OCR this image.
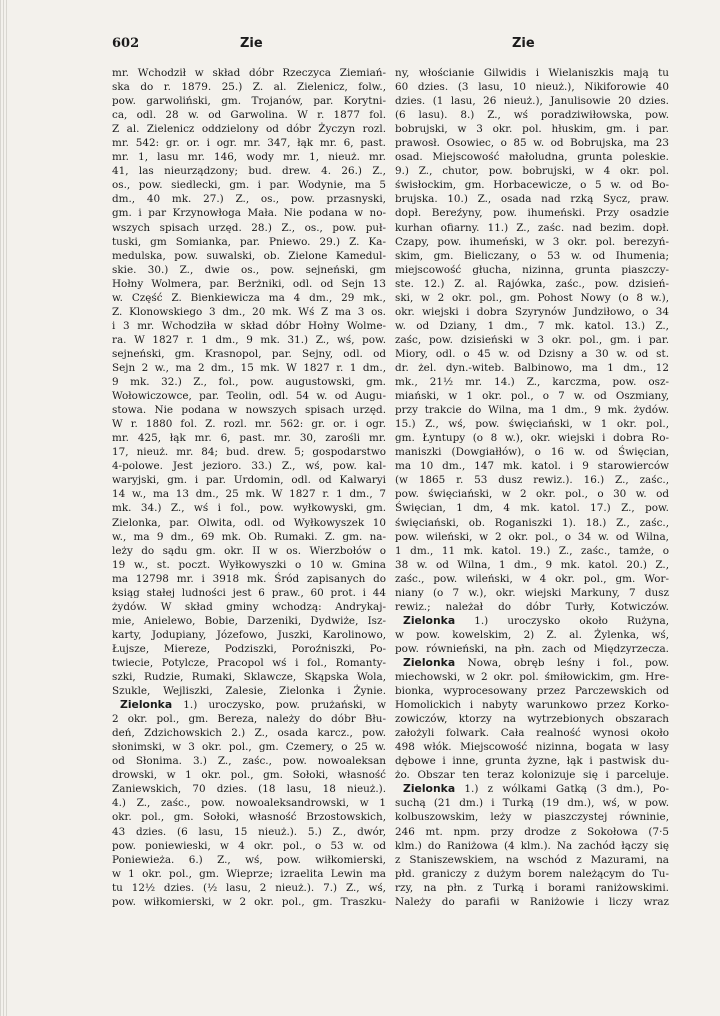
602	Zie	Zie
mr. Wchodził w skład dóbr Rzeczyca Ziemiań-
ska do r. 1879. 25.) Z. al. Zielenicz, folw.,
pow. garwoliński, gm. Trojanów, par. Korytni-
ca, odl. 28 w. od Garwolina. W r. 1877 fol.
Z al. Zielenicz oddzielony od dóbr Życzyn rozl.
mr. 542: gr. or. i ogr. mr. 347, łąk mr. 6, past.
mr. 1, lasu mr. 146, wody mr. 1, nieuż. mr.
41, las nieurządzony; bud. drew. 4. 26.) Z.,
os., pow. siedlecki, gm. i par. Wodynie, ma 5
dm., 40 mk. 27.) Z., os., pow. przasnyski,
gm. i par Krzynowłoga Mała. Nie podana w no-
wszych spisach urzęd. 28.) Z., os., pow. puł-
tuski, gm Somianka, par. Pniewo. 29.) Z. Ka-
medulska, pow. suwalski, ob. Zielone Kamedul-
skie. 30.) Z., dwie os., pow. sejneński, gm
Hołny Wolmera, par. Berżniki, odl. od Sejn 13
w. Część Z. Bienkiewicza ma 4 dm., 29 mk.,
Z. Klonowskiego 3 dm., 20 mk. Wś Z ma 3 os.
i 3 mr. Wchodziła w skład dóbr Hołny Wolme-
ra. W 1827 r. 1 dm., 9 mk. 31.) Z., wś, pow.
sejneński, gm. Krasnopol, par. Sejny, odl. od
Sejn 2 w., ma 2 dm., 15 mk. W 1827 r. 1 dm.,
9 mk. 32.) Z., fol., pow. augustowski, gm.
Wołowiczowce, par. Teolin, odl. 54 w. od Augu-
stowa. Nie podana w nowszych spisach urzęd.
W r. 1880 fol. Z. rozl. mr. 562: gr. or. i ogr.
mr. 425, łąk mr. 6, past. mr. 30, zarośli mr.
17, nieuż. mr. 84; bud. drew. 5; gospodarstwo
4-polowe. Jest jezioro. 33.) Z., wś, pow. kal-
waryjski, gm. i par. Urdomin, odl. od Kalwaryi
14 w., ma 13 dm., 25 mk. W 1827 r. 1 dm., 7
mk. 34.) Z., wś i fol., pow. wyłkowyski, gm.
Zielonka, par. Olwita, odl. od Wyłkowyszek 10
w., ma 9 dm., 69 mk. Ob. Rumaki. Z. gm. na-
leży do sądu gm. okr. II w os. Wierzbołów o
19 w., st. poczt. Wyłkowyszki o 10 w. Gmina
ma 12798 mr. i 3918 mk. Śród zapisanych do
ksiąg stałej ludności jest 6 praw., 60 prot. i 44
żydów. W skład gminy wchodzą: Andrykaj-
mie, Anielewo, Bobie, Darzeniki, Dydwiże, Isz-
karty, Jodupiany, Józefowo, Juszki, Karolinowo,
Łujsze, Miereze, Podziszki, Poroźniszki, Po-
twiecie, Potylcze, Pracopol wś i fol., Romanty-
szki, Rudzie, Rumaki, Sklawcze, Skąpska Wola,
Szukle, Wejliszki, Zalesie, Zielonka i Żynie.
Zielonka 1.) uroczysko, pow. prużański, w
2 okr. pol., gm. Bereza, należy do dóbr Błu-
deń, Zdzichowskich 2.) Z., osada karcz., pow.
słonimski, w 3 okr. pol., gm. Czemery, o 25 w.
od Słonima. 3.) Z., zaśc., pow. nowoaleksan
drowski, w 1 okr. pol., gm. Sołoki, własność
Zaniewskich, 70 dzies. (18 lasu, 18 nieuż.).
4.) Z., zaśc., pow. nowoaleksandrowski, w 1
okr. pol., gm. Sołoki, własność Brzostowskich,
43 dzies. (6 lasu, 15 nieuż.). 5.) Z., dwór,
pow. poniewieski, w 4 okr. pol., o 53 w. od
Poniewieża. 6.) Z., wś, pow. wiłkomierski,
w 1 okr. pol., gm. Wieprze; izraelita Lewin ma
tu 12½ dzies. (½ lasu, 2 nieuż.). 7.) Z., wś,
pow. wiłkomierski, w 2 okr. pol., gm. Traszku-
ny, włościanie Gilwidis i Wielaniszkis mają tu
60 dzies. (3 lasu, 10 nieuż.), Nikiforowie 40
dzies. (1 lasu, 26 nieuż.), Janulisowie 20 dzies.
(6 lasu). 8.) Z., wś poradziwiłowska, pow.
bobrujski, w 3 okr. pol. hłuskim, gm. i par.
prawosł. Osowiec, o 85 w. od Bobrujska, ma 23
osad. Miejscowość małoludna, grunta poleskie.
9.) Z., chutor, pow. bobrujski, w 4 okr. pol.
świsłockim, gm. Horbacewicze, o 5 w. od Bo-
brujska. 10.) Z., osada nad rzką Sycz, praw.
dopł. Bereźyny, pow. ihumeński. Przy osadzie
kurhan ofiarny. 11.) Z., zaśc. nad bezim. dopł.
Czapy, pow. ihumeński, w 3 okr. pol. berezyń-
skim, gm. Bieliczany, o 53 w. od Ihumenia;
miejscowość głucha, nizinna, grunta piaszczy-
ste. 12.) Z. al. Rajówka, zaśc., pow. dzisień-
ski, w 2 okr. pol., gm. Pohost Nowy (o 8 w.),
okr. wiejski i dobra Szyrynów Jundziłowo, o 34
w. od Dziany, 1 dm., 7 mk. katol. 13.) Z.,
zaśc, pow. dzisieński w 3 okr. pol., gm. i par.
Miory, odl. o 45 w. od Dzisny a 30 w. od st.
dr. żel. dyn.-witeb. Balbinowo, ma 1 dm., 12
mk., 21½ mr. 14.) Z., karczma, pow. osz-
miański, w 1 okr. pol., o 7 w. od Oszmiany,
przy trakcie do Wilna, ma 1 dm., 9 mk. żydów.
15.) Z., wś, pow. święciański, w 1 okr. pol.,
gm. Łyntupy (o 8 w.), okr. wiejski i dobra Ro-
maniszki (Dowgiałłów), o 16 w. od Święcian,
ma 10 dm., 147 mk. katol. i 9 starowierców
(w 1865 r. 53 dusz rewiz.). 16.) Z., zaśc.,
pow. święciański, w 2 okr. pol., o 30 w. od
Święcian, 1 dm, 4 mk. katol. 17.) Z., pow.
święciański, ob. Roganiszki 1). 18.) Z., zaśc.,
pow. wileński, w 2 okr. pol., o 34 w. od Wilna,
1 dm., 11 mk. katol. 19.) Z., zaśc., tamże, o
38 w. od Wilna, 1 dm., 9 mk. katol. 20.) Z.,
zaśc., pow. wileński, w 4 okr. pol., gm. Wor-
niany (o 7 w.), okr. wiejski Markuny, 7 dusz
rewiz.; należał do dóbr Turły, Kotwiczów.
Zielonka 1.) uroczysko około Rużyna,
w pow. kowelskim, 2) Z. al. Żylenka, wś,
pow. równieński, na płn. zach od Międzyrzecza.
Zielonka Nowa, obręb leśny i fol., pow.
miechowski, w 2 okr. pol. śmiłowickim, gm. Hre-
bionka, wyprocesowany przez Parczewskich od
Homolickich i nabyty warunkowo przez Korko-
zowiczów, ktorzy na wytrzebionych obszarach
założyli folwark. Cała realność wynosi około
498 włók. Miejscowość nizinna, bogata w lasy
dębowe i inne, grunta żyzne, łąk i pastwisk du-
żo. Obszar ten teraz kolonizuje się i parceluje.
Zielonka 1.) z wólkami Gatką (3 dm.), Po-
suchą (21 dm.) i Turką (19 dm.), wś, w pow.
kolbuszowskim, leży w piaszczystej równinie,
246 mt. npm. przy drodze z Sokołowa (7·5
klm.) do Raniżowa (4 klm.). Na zachód łączy się
z Staniszewskiem, na wschód z Mazurami, na
płd. graniczy z dużym borem należącym do Tu-
rzy, na płn. z Turką i borami raniżowskimi.
Należy do parafii w Raniżowie i liczy wraz
